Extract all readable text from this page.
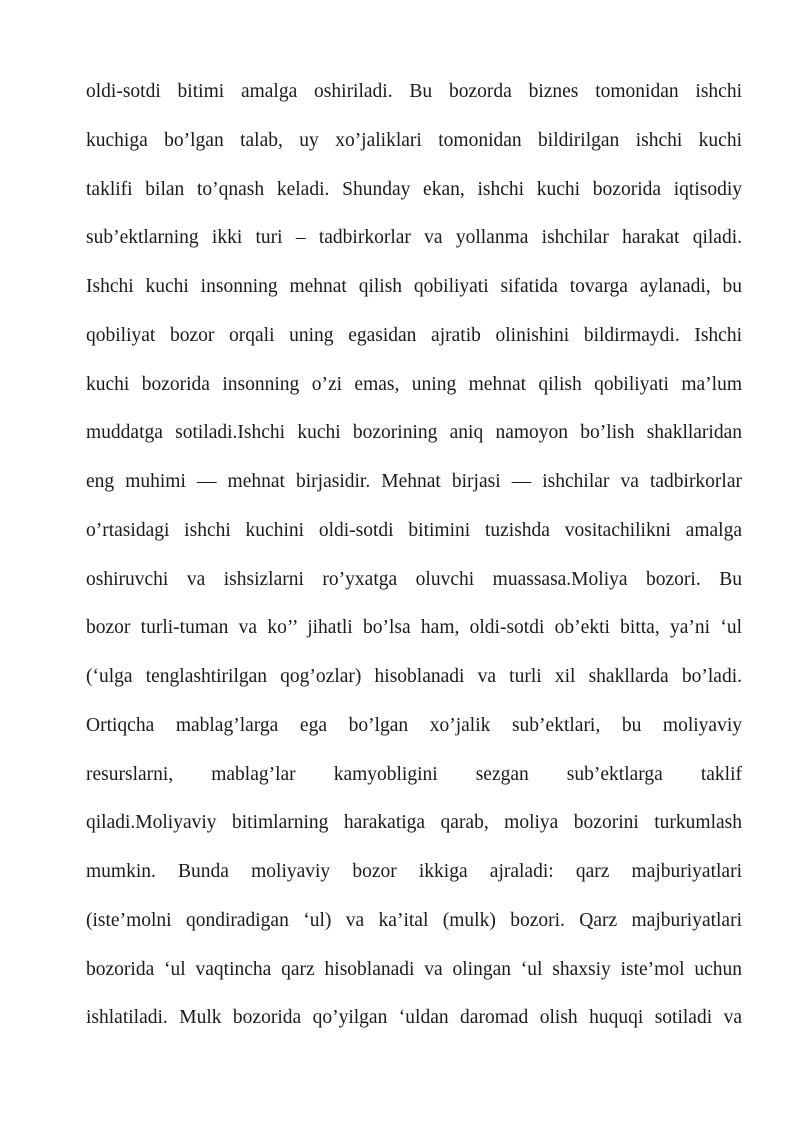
oldi-sotdi bitimi amalga oshiriladi. Bu bozorda biznes tomonidan ishchi
kuchiga bo’lgan talab, uy xo’jaliklari tomonidan bildirilgan ishchi kuchi
taklifi bilan to’qnash keladi. Shunday ekan, ishchi kuchi bozorida iqtisodiy
sub’ektlarning ikki turi – tadbirkorlar va yollanma ishchilar harakat qiladi.
Ishchi kuchi insonning mehnat qilish qobiliyati sifatida tovarga aylanadi, bu
qobiliyat bozor orqali uning egasidan ajratib olinishini bildirmaydi. Ishchi
kuchi bozorida insonning o’zi emas, uning mehnat qilish qobiliyati ma’lum
muddatga sotiladi.Ishchi kuchi bozorining aniq namoyon bo’lish shakllaridan
eng muhimi — mehnat birjasidir. Mehnat birjasi — ishchilar va tadbirkorlar
o’rtasidagi ishchi kuchini oldi-sotdi bitimini tuzishda vositachilikni amalga
oshiruvchi va ishsizlarni ro’yxatga oluvchi muassasa.Moliya bozori. Bu
bozor turli-tuman va ko’’ jihatli bo’lsa ham, oldi-sotdi ob’ekti bitta, ya’ni ‘ul
(‘ulga tenglashtirilgan qog’ozlar) hisoblanadi va turli xil shakllarda bo’ladi.
Ortiqcha mablag’larga ega bo’lgan xo’jalik sub’ektlari, bu moliyaviy
resurslarni, mablag’lar kamyobligini sezgan sub’ektlarga taklif
qiladi.Moliyaviy bitimlarning harakatiga qarab, moliya bozorini turkumlash
mumkin. Bunda moliyaviy bozor ikkiga ajraladi: qarz majburiyatlari
(iste’molni qondiradigan ‘ul) va ka’ital (mulk) bozori. Qarz majburiyatlari
bozorida ‘ul vaqtincha qarz hisoblanadi va olingan ‘ul shaxsiy iste’mol uchun
ishlatiladi. Mulk bozorida qo’yilgan ‘uldan daromad olish huquqi sotiladi va
